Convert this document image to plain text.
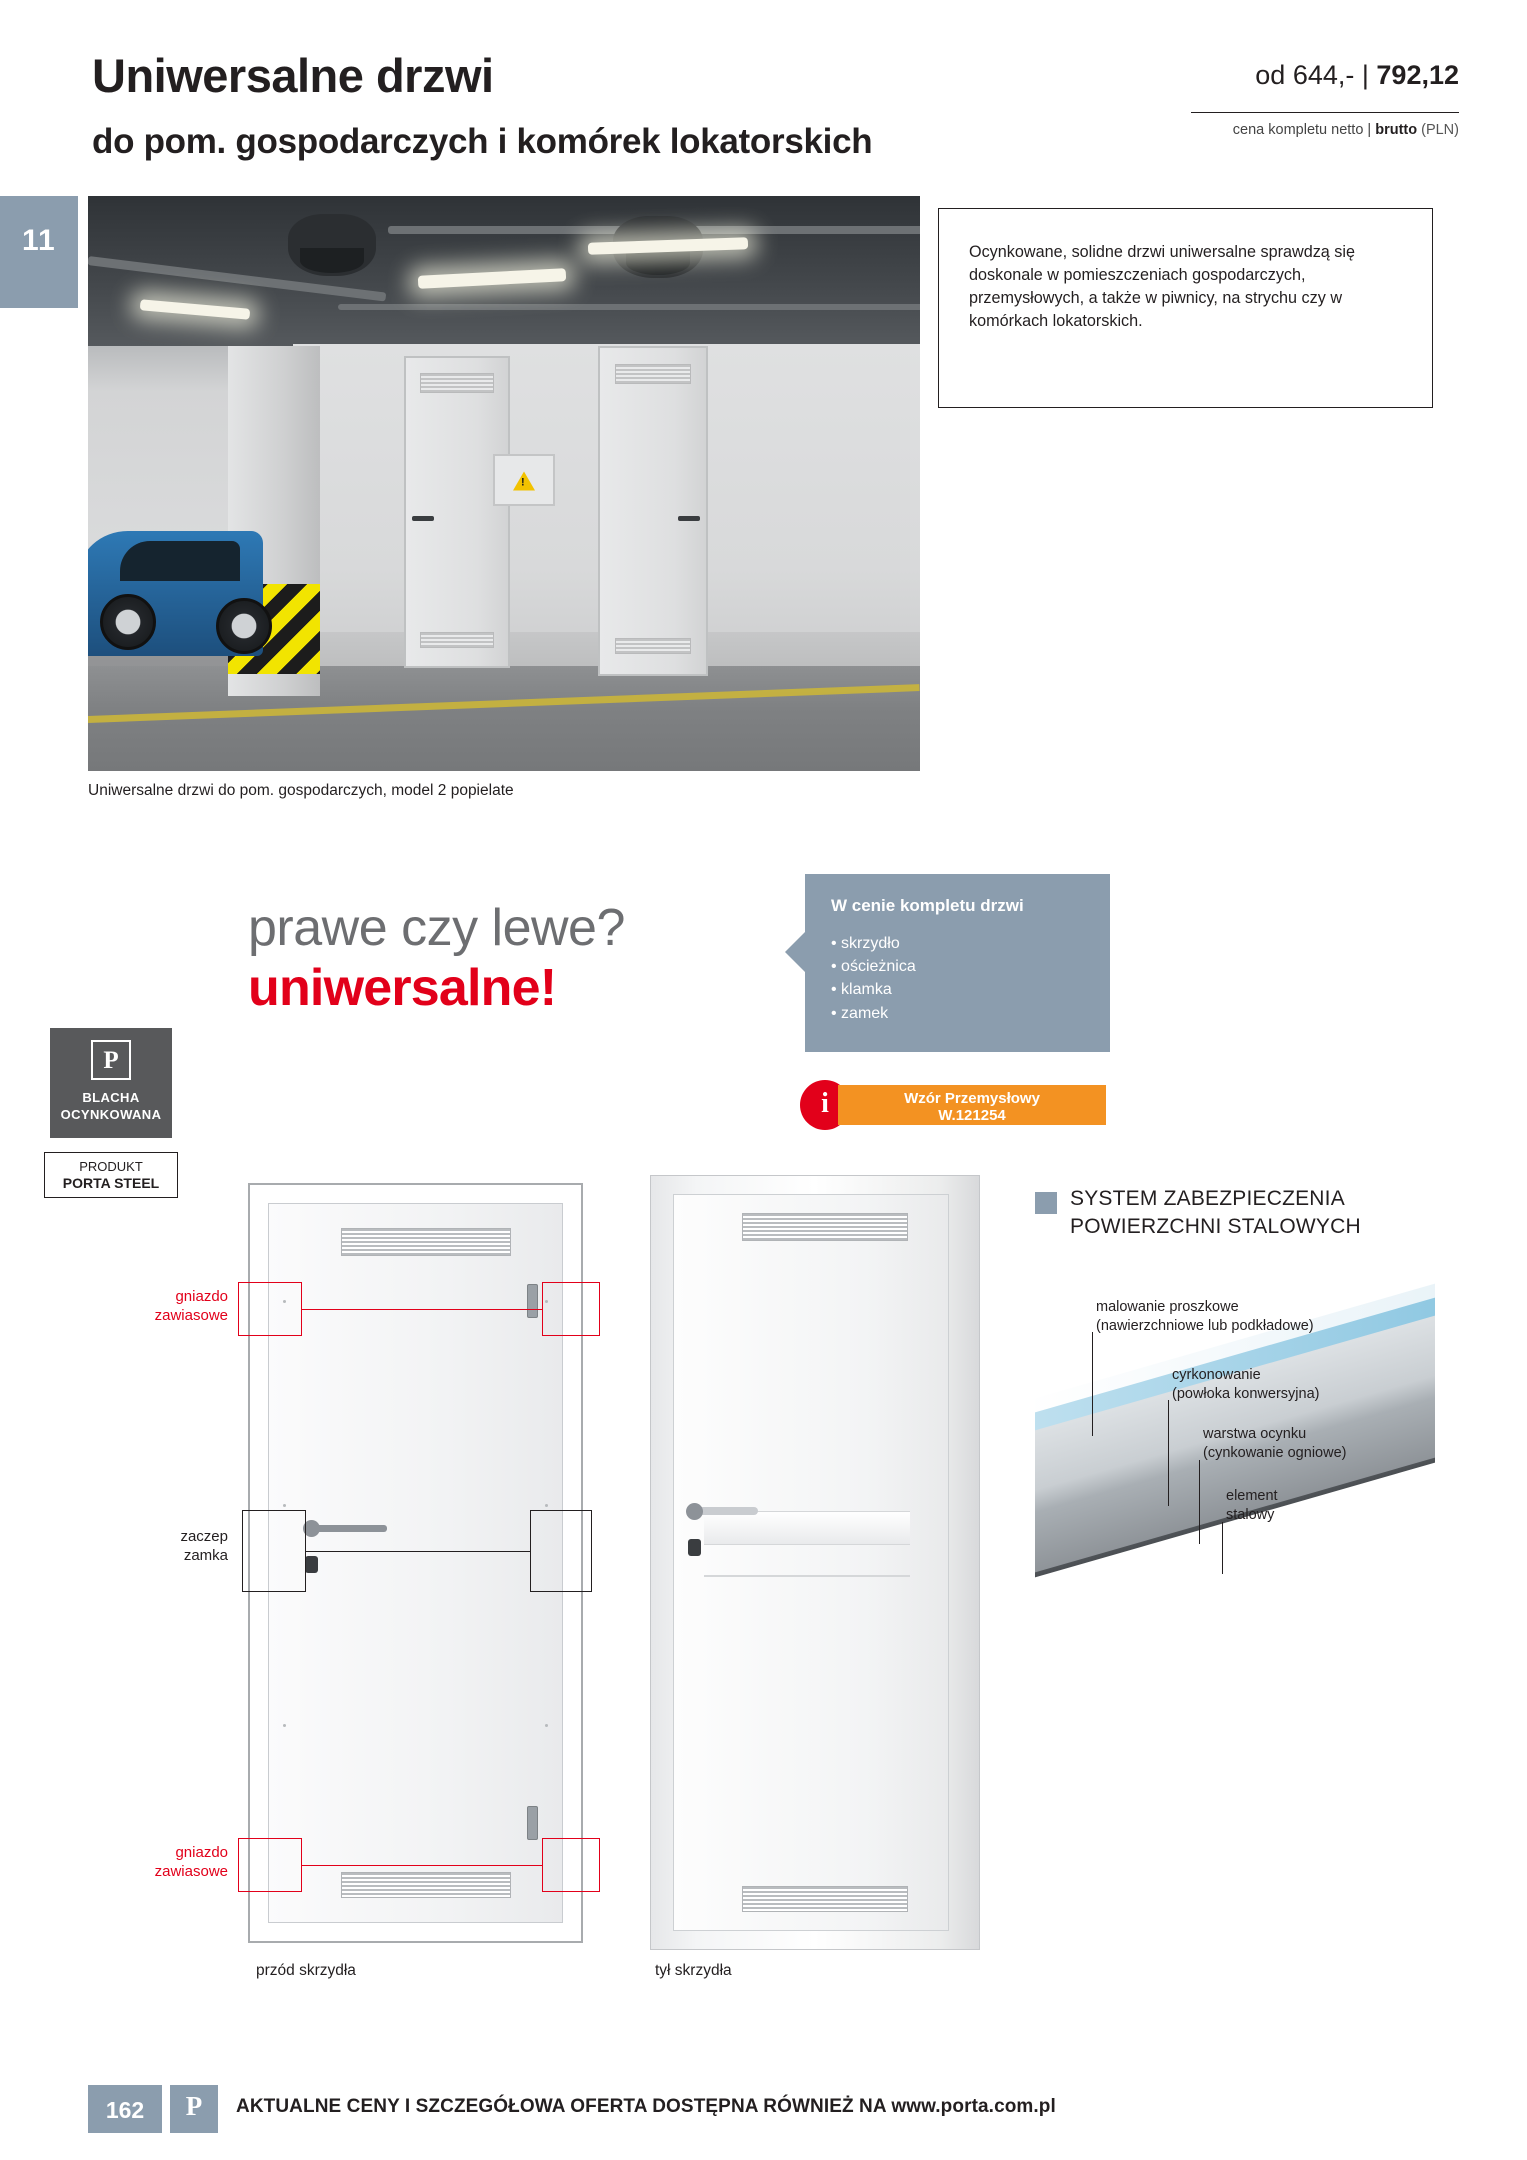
Uniwersalne drzwi
do pom. gospodarczych i komórek lokatorskich
od 644,- | 792,12
cena kompletu netto | brutto (PLN)
11
!
Uniwersalne drzwi do pom. gospodarczych, model 2 popielate

Ocynkowane, solidne drzwi uniwersalne sprawdzą się doskonale w pomieszczeniach gospodarczych, przemysłowych, a także w piwnicy, na strychu czy w komórkach lokatorskich.

prawe czy lewe?
uniwersalne!
W cenie kompletu drzwi
• skrzydło
• ościeżnica
• klamka
• zamek
i	Wzór Przemysłowy
W.121254
P
BLACHA
OCYNKOWANA
PRODUKT
PORTA STEEL
gniazdo
zawiasowe
zaczep
zamka
gniazdo
zawiasowe
przód skrzydła	tył skrzydła
SYSTEM ZABEZPIECZENIA
POWIERZCHNI STALOWYCH
malowanie proszkowe
(nawierzchniowe lub podkładowe)
cyrkonowanie
(powłoka konwersyjna)
warstwa ocynku
(cynkowanie ogniowe)
element
stalowy
162	P	AKTUALNE CENY I SZCZEGÓŁOWA OFERTA DOSTĘPNA RÓWNIEŻ NA www.porta.com.pl
